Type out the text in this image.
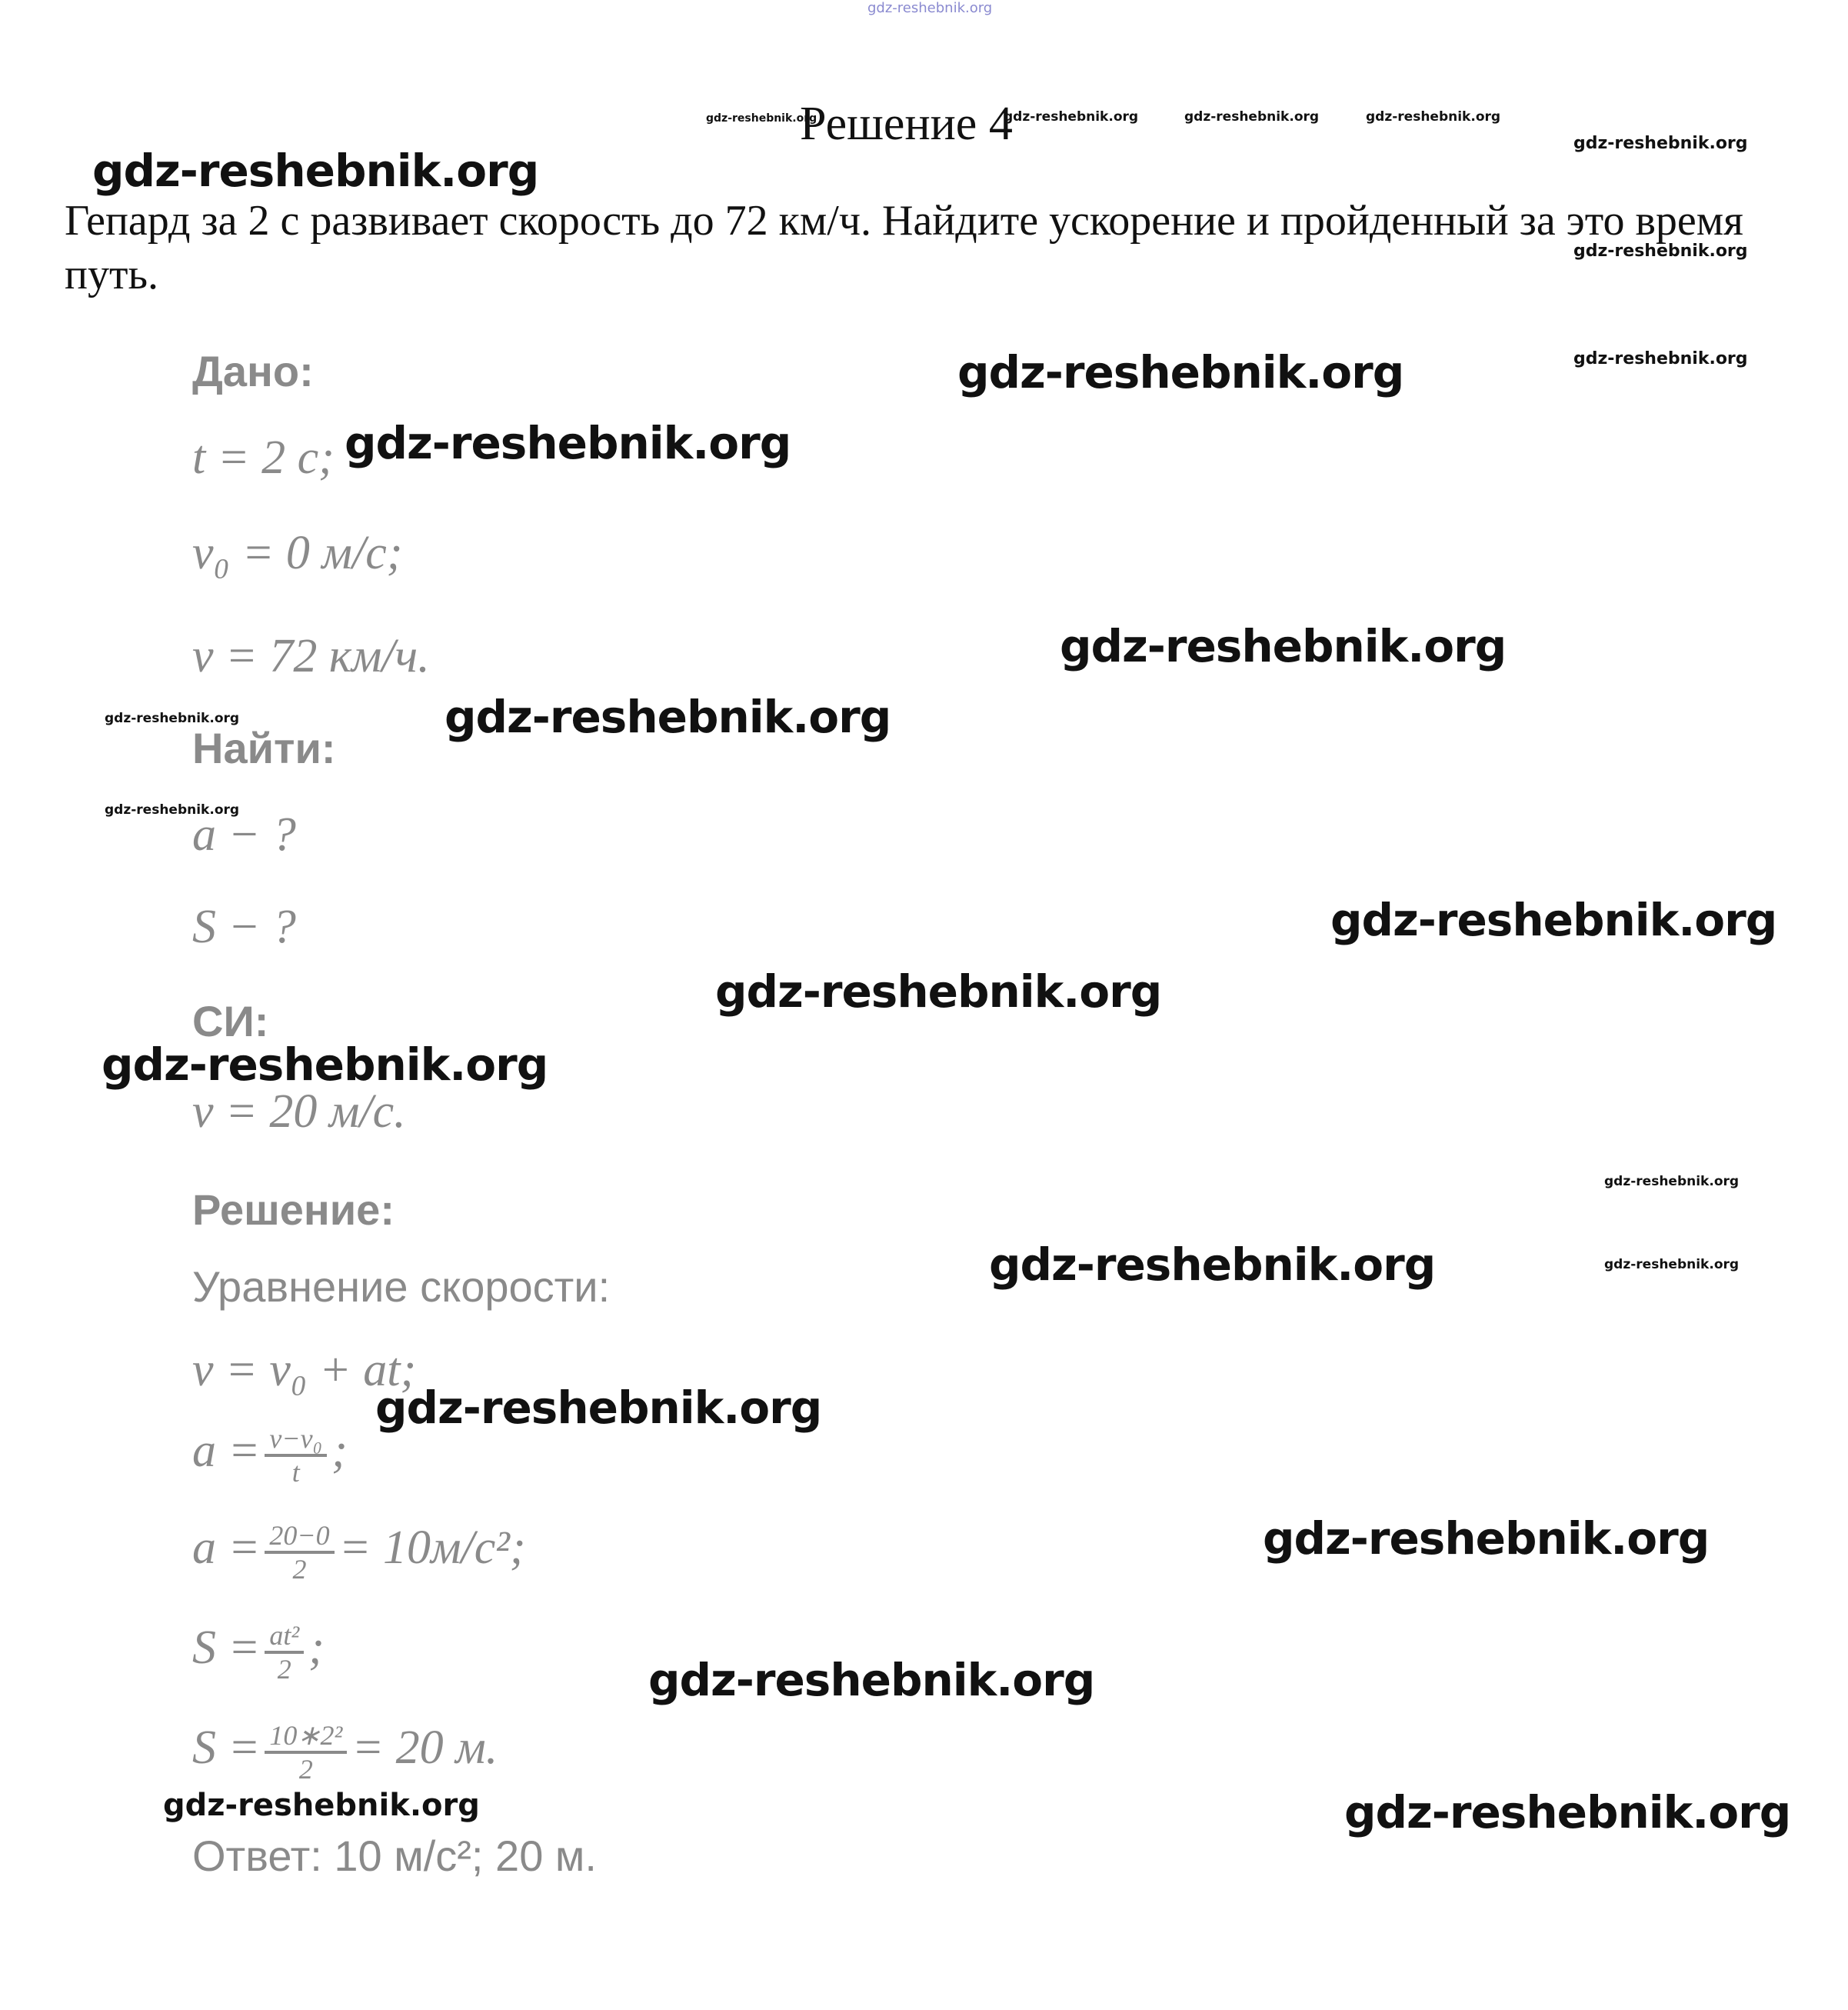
gdz-reshebnik.org
gdz-reshebnik.org
Решение 4
gdz-reshebnik.org	gdz-reshebnik.org	gdz-reshebnik.org
gdz-reshebnik.org
gdz-reshebnik.org
Гепард за 2 с развивает скорость до 72 км/ч. Найдите ускорение и пройденный за это время путь.	gdz-reshebnik.org
gdz-reshebnik.org
Дано:	gdz-reshebnik.org
t = 2 с; gdz-reshebnik.org
v₀ = 0 м/с;
v = 72 км/ч.	gdz-reshebnik.org
gdz-reshebnik.org	gdz-reshebnik.org
Найти:
gdz-reshebnik.org
a − ?
S − ?	gdz-reshebnik.org
gdz-reshebnik.org
СИ:
gdz-reshebnik.org
v = 20 м/с.
gdz-reshebnik.org
Решение:
gdz-reshebnik.org	gdz-reshebnik.org
Уравнение скорости:
v = v₀ + at;
gdz-reshebnik.org
$a = \frac{\text{v−v₀}}{t}$ ;
$a = \frac{20-0}{2} = 10м/с^2$;	gdz-reshebnik.org
$S = \frac{\text{at²}}{2}$ ;
gdz-reshebnik.org
$S = \frac{\text{10∗2²}}{2} = 20$ м.
gdz-reshebnik.org	gdz-reshebnik.org
Ответ: 10 м/с²; 20 м.
